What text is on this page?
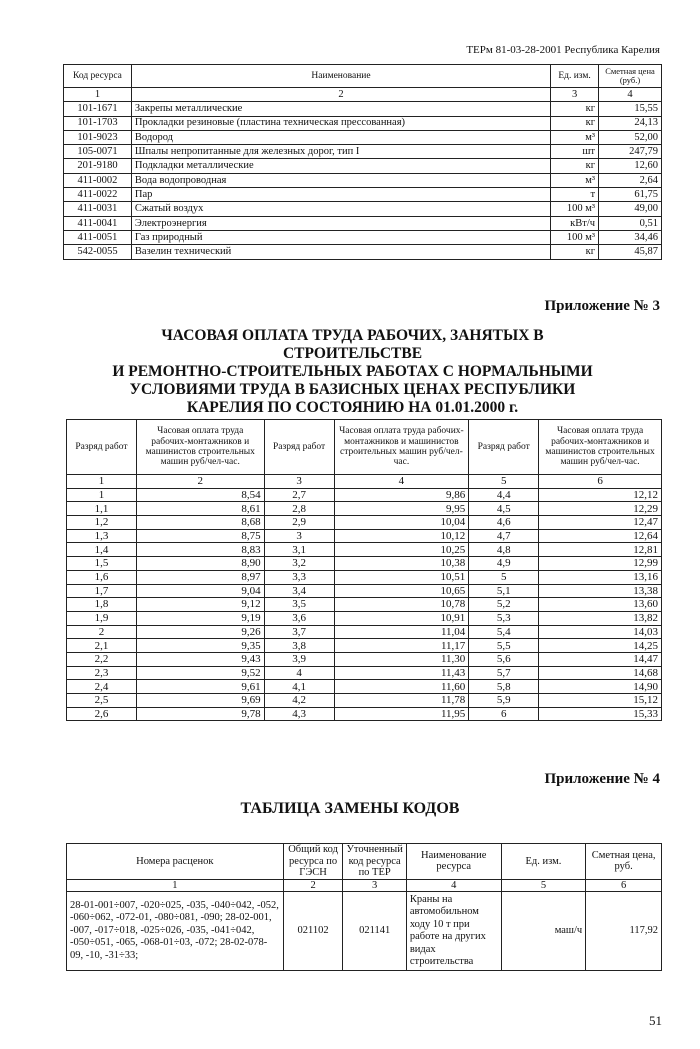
ТЕРм 81-03-28-2001 Республика Карелия
Код ресурса	Наименование	Ед. изм.	Сметная цена (руб.)
1	2	3	4
101-1671	Закрепы металлические	кг	15,55
101-1703	Прокладки резиновые (пластина техническая прессованная)	кг	24,13
101-9023	Водород	м³	52,00
105-0071	Шпалы непропитанные для железных дорог, тип I	шт	247,79
201-9180	Подкладки металлические	кг	12,60
411-0002	Вода водопроводная	м³	2,64
411-0022	Пар	т	61,75
411-0031	Сжатый воздух	100 м³	49,00
411-0041	Электроэнергия	кВт/ч	0,51
411-0051	Газ природный	100 м³	34,46
542-0055	Вазелин технический	кг	45,87
Приложение № 3
ЧАСОВАЯ ОПЛАТА ТРУДА РАБОЧИХ, ЗАНЯТЫХ В СТРОИТЕЛЬСТВЕ
И РЕМОНТНО-СТРОИТЕЛЬНЫХ РАБОТАХ С НОРМАЛЬНЫМИ
УСЛОВИЯМИ ТРУДА В БАЗИСНЫХ ЦЕНАХ РЕСПУБЛИКИ
КАРЕЛИЯ ПО СОСТОЯНИЮ НА 01.01.2000 г.
Разряд работ	Часовая оплата труда рабочих-монтажников и машинистов строительных машин руб/чел-час.	Разряд работ	Часовая оплата труда рабочих-монтажников и машинистов строительных машин руб/чел-час.	Разряд работ	Часовая оплата труда рабочих-монтажников и машинистов строительных машин руб/чел-час.
1	2	3	4	5	6
1	8,54	2,7	9,86	4,4	12,12
1,1	8,61	2,8	9,95	4,5	12,29
1,2	8,68	2,9	10,04	4,6	12,47
1,3	8,75	3	10,12	4,7	12,64
1,4	8,83	3,1	10,25	4,8	12,81
1,5	8,90	3,2	10,38	4,9	12,99
1,6	8,97	3,3	10,51	5	13,16
1,7	9,04	3,4	10,65	5,1	13,38
1,8	9,12	3,5	10,78	5,2	13,60
1,9	9,19	3,6	10,91	5,3	13,82
2	9,26	3,7	11,04	5,4	14,03
2,1	9,35	3,8	11,17	5,5	14,25
2,2	9,43	3,9	11,30	5,6	14,47
2,3	9,52	4	11,43	5,7	14,68
2,4	9,61	4,1	11,60	5,8	14,90
2,5	9,69	4,2	11,78	5,9	15,12
2,6	9,78	4,3	11,95	6	15,33
Приложение № 4
ТАБЛИЦА ЗАМЕНЫ КОДОВ
Номера расценок	Общий код ресурса по ГЭСН	Уточненный код ресурса по ТЕР	Наименование ресурса	Ед. изм.	Сметная цена, руб.
1	2	3	4	5	6
28-01-001÷007, -020÷025, -035, -040÷042, -052, -060÷062, -072-01, -080÷081, -090; 28-02-001, -007, -017÷018, -025÷026, -035, -041÷042, -050÷051, -065, -068-01÷03, -072; 28-02-078-09, -10, -31÷33;	021102	021141	Краны на автомобильном ходу 10 т при работе на других видах строительства	маш/ч	117,92
51
